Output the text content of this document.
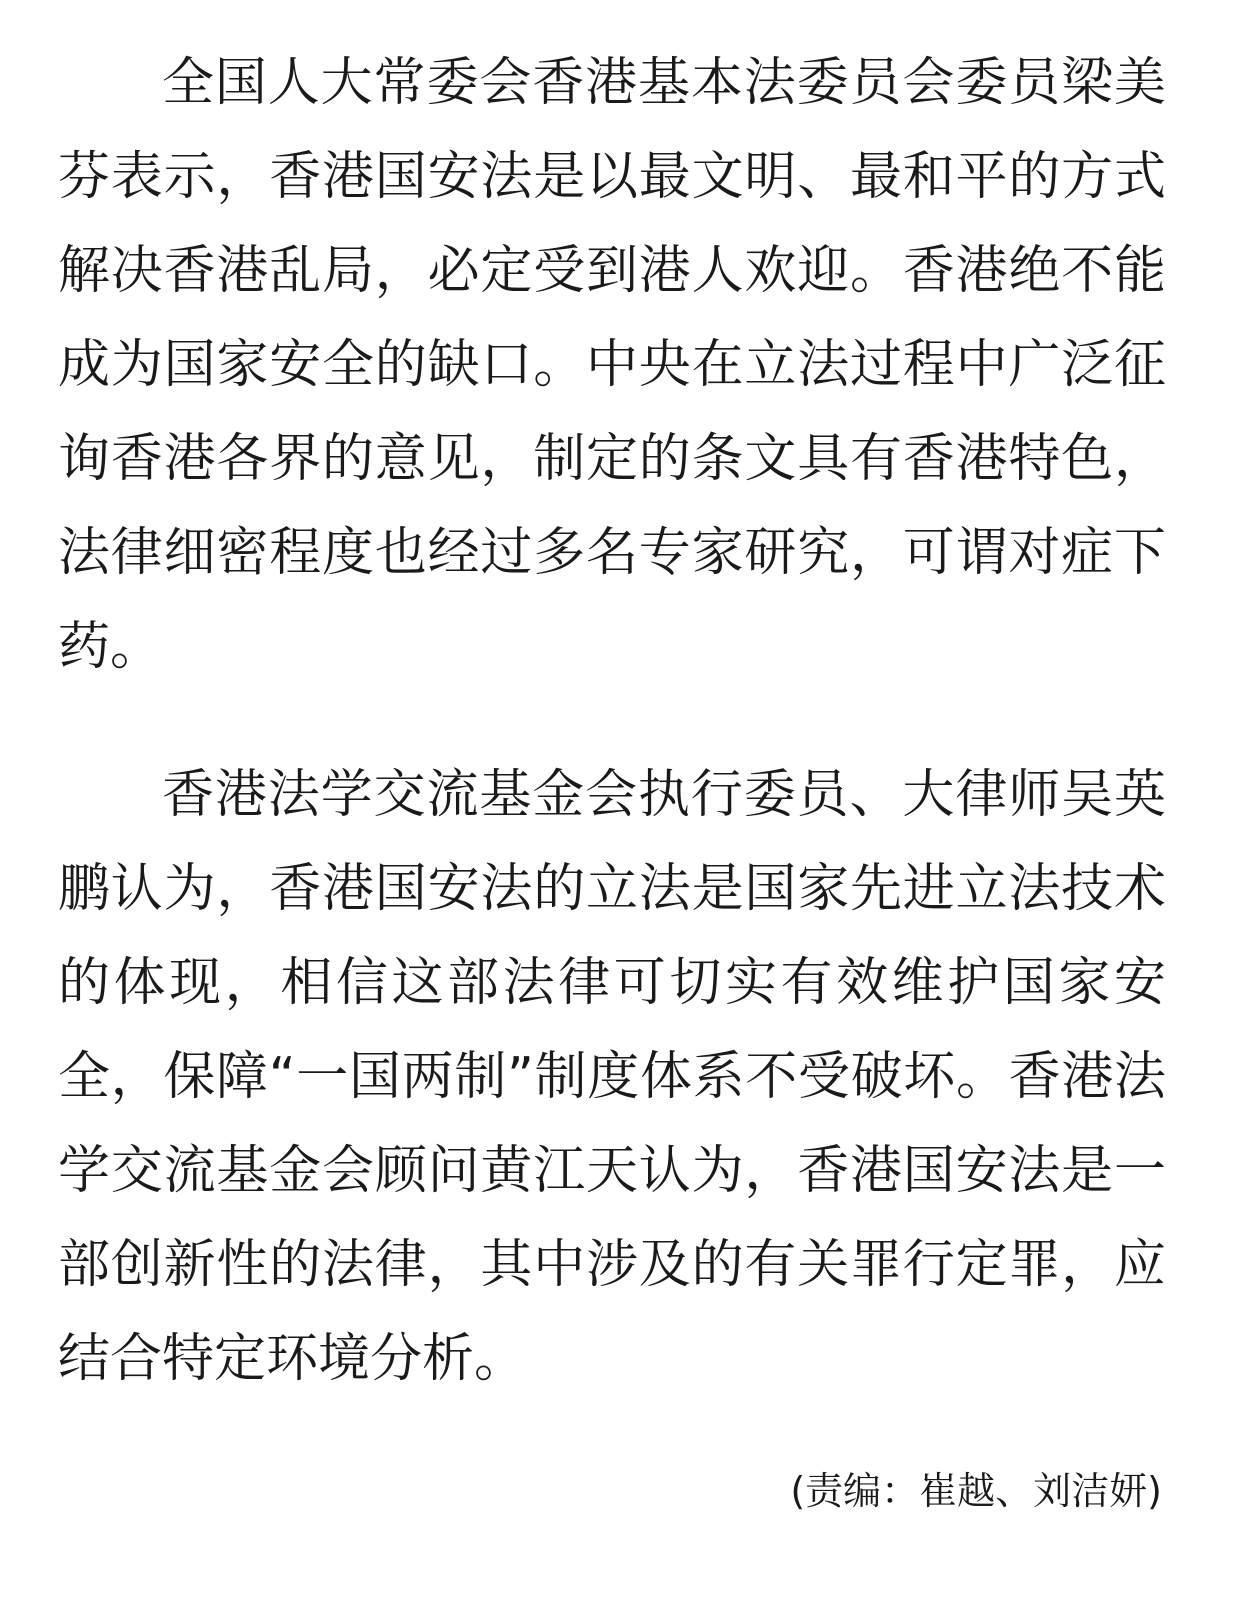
全国人大常委会香港基本法委员会委员梁美芬表示，香港国安法是以最文明、最和平的方式解决香港乱局，必定受到港人欢迎。香港绝不能成为国家安全的缺口。中央在立法过程中广泛征询香港各界的意见，制定的条文具有香港特色，法律细密程度也经过多名专家研究，可谓对症下药。

香港法学交流基金会执行委员、大律师吴英鹏认为，香港国安法的立法是国家先进立法技术的体现，相信这部法律可切实有效维护国家安全，保障“一国两制”制度体系不受破坏。香港法学交流基金会顾问黄江天认为，香港国安法是一部创新性的法律，其中涉及的有关罪行定罪，应结合特定环境分析。

(责编：崔越、刘洁妍)
